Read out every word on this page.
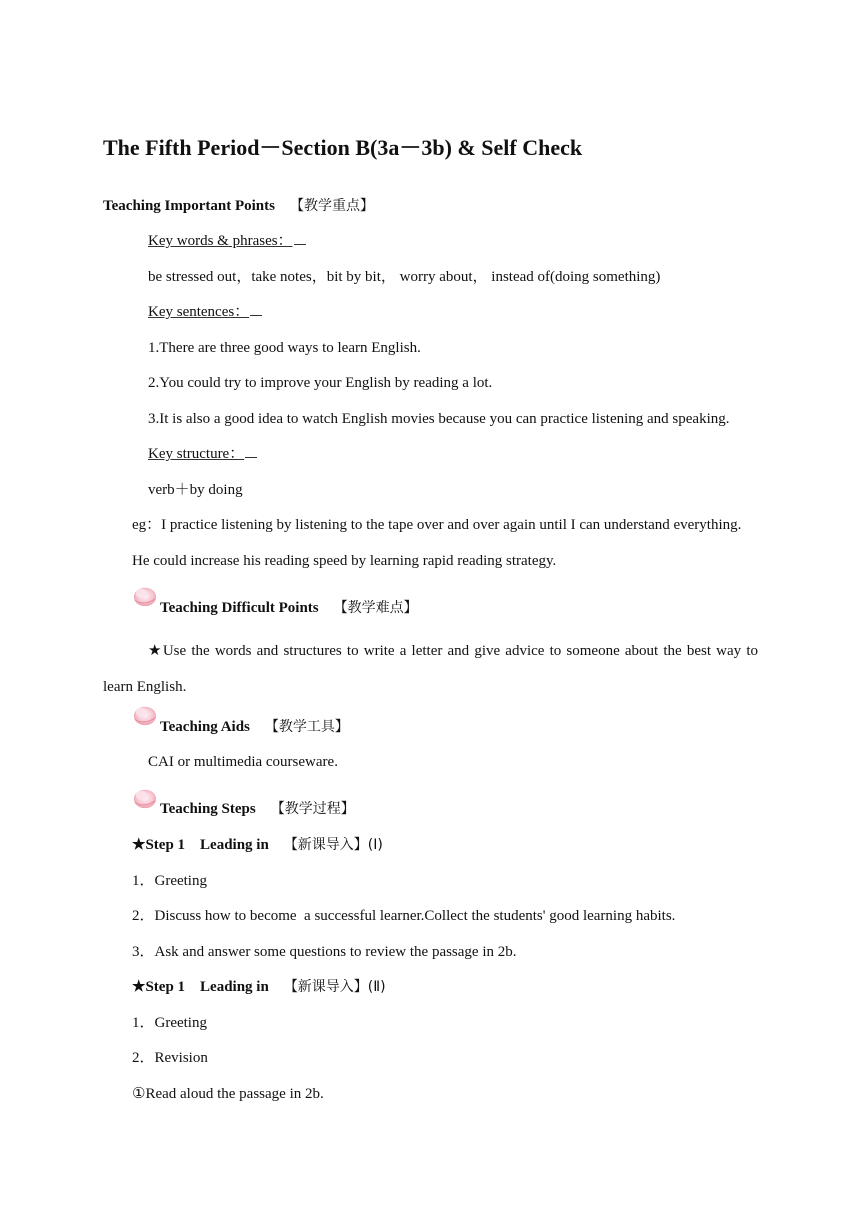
The Fifth Period－Section B(3a－3b) & Self Check
Teaching Important Points 【教学重点】
Key words & phrases：
be stressed out，take notes，bit by bit， worry about， instead of(doing something)
Key sentences：
1.There are three good ways to learn English.
2.You could try to improve your English by reading a lot.
3.It is also a good idea to watch English movies because you can practice listening and speaking.
Key structure：
verb＋by doing
eg：I practice listening by listening to the tape over and over again until I can understand everything.
He could increase his reading speed by learning rapid reading strategy.
Teaching Difficult Points 【教学难点】
★Use the words and structures to write a letter and give advice to someone about the best way to learn English.
Teaching Aids 【教学工具】
CAI or multimedia courseware.
Teaching Steps 【教学过程】
★Step 1    Leading in 【新课导入】(Ⅰ)
1．Greeting
2．Discuss how to become  a successful learner.Collect the students' good learning habits.
3．Ask and answer some questions to review the passage in 2b.
★Step 1    Leading in 【新课导入】(Ⅱ)
1．Greeting
2．Revision
①Read aloud the passage in 2b.
